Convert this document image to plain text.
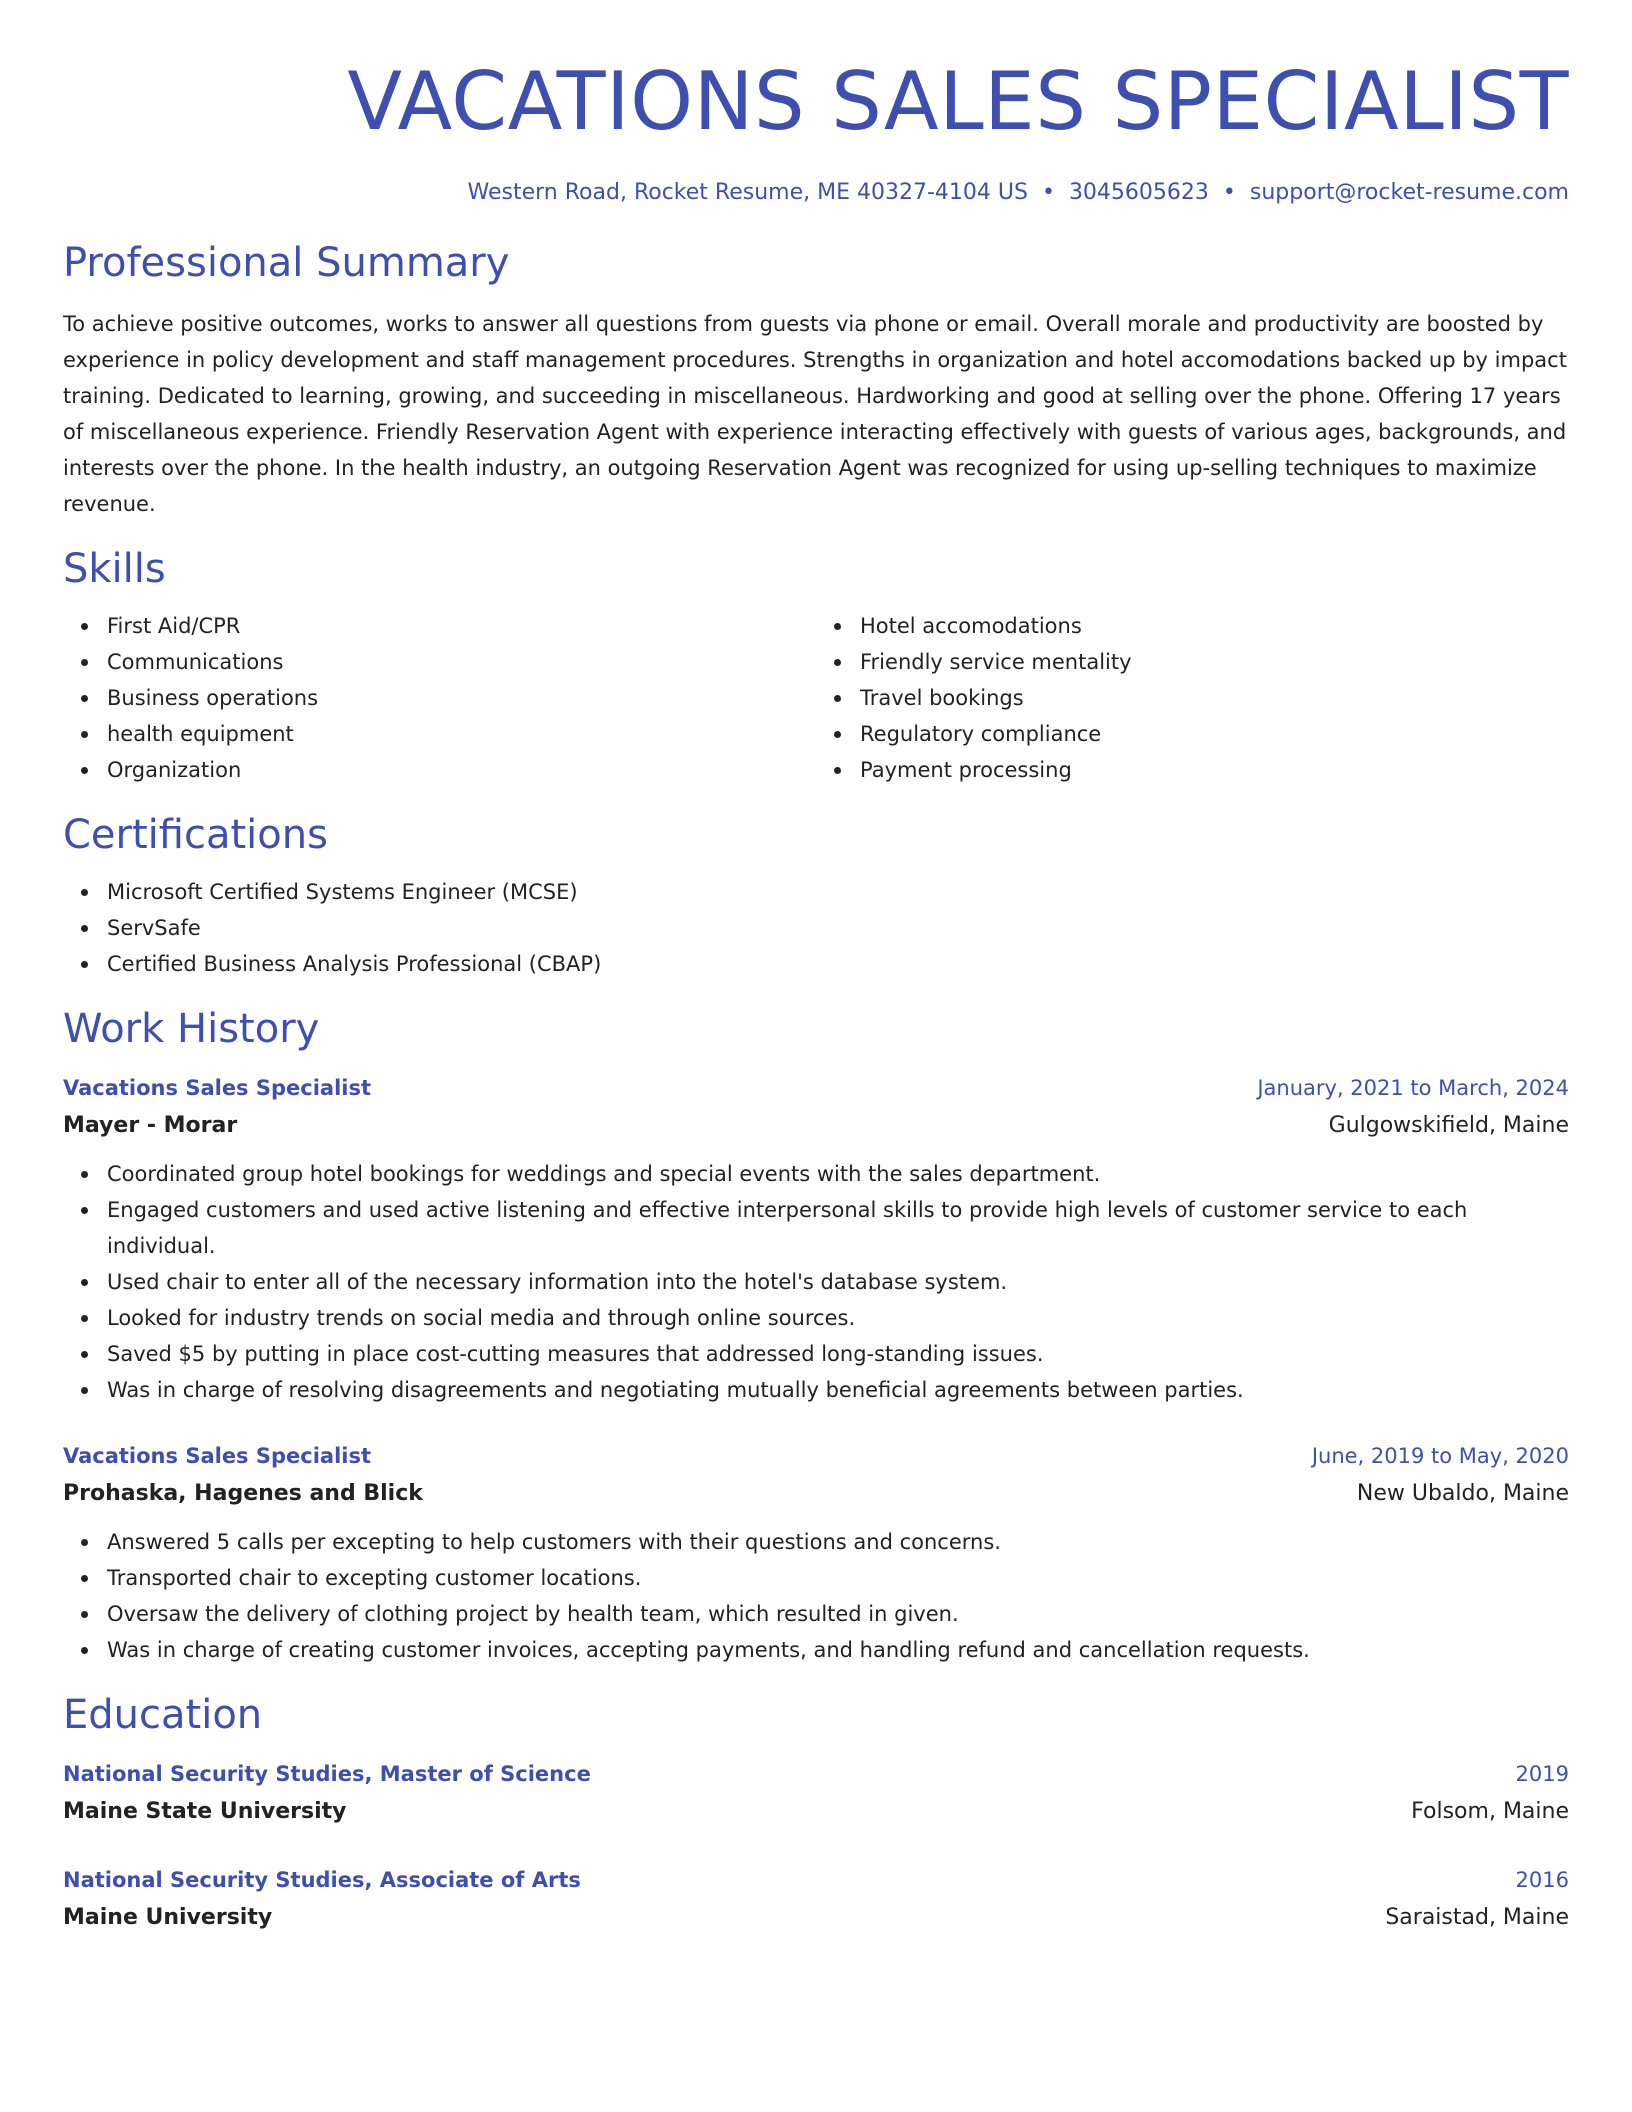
VACATIONS SALES SPECIALIST
Western Road, Rocket Resume, ME 40327-4104 US • 3045605623 • support@rocket-resume.com
Professional Summary

To achieve positive outcomes, works to answer all questions from guests via phone or email. Overall morale and productivity are boosted by experience in policy development and staff management procedures. Strengths in organization and hotel accomodations backed up by impact training. Dedicated to learning, growing, and succeeding in miscellaneous. Hardworking and good at selling over the phone. Offering 17 years of miscellaneous experience. Friendly Reservation Agent with experience interacting effectively with guests of various ages, backgrounds, and interests over the phone. In the health industry, an outgoing Reservation Agent was recognized for using up-selling techniques to maximize revenue.

Skills
First Aid/CPR
Communications
Business operations
health equipment
Organization
Hotel accomodations
Friendly service mentality
Travel bookings
Regulatory compliance
Payment processing
Certifications
Microsoft Certified Systems Engineer (MCSE)
ServSafe
Certified Business Analysis Professional (CBAP)
Work History
Vacations Sales Specialist	January, 2021 to March, 2024
Mayer - Morar	Gulgowskifield, Maine
Coordinated group hotel bookings for weddings and special events with the sales department.
Engaged customers and used active listening and effective interpersonal skills to provide high levels of customer service to each individual.
Used chair to enter all of the necessary information into the hotel's database system.
Looked for industry trends on social media and through online sources.
Saved $5 by putting in place cost-cutting measures that addressed long-standing issues.
Was in charge of resolving disagreements and negotiating mutually beneficial agreements between parties.
Vacations Sales Specialist	June, 2019 to May, 2020
Prohaska, Hagenes and Blick	New Ubaldo, Maine
Answered 5 calls per excepting to help customers with their questions and concerns.
Transported chair to excepting customer locations.
Oversaw the delivery of clothing project by health team, which resulted in given.
Was in charge of creating customer invoices, accepting payments, and handling refund and cancellation requests.
Education
National Security Studies, Master of Science	2019
Maine State University	Folsom, Maine
National Security Studies, Associate of Arts	2016
Maine University	Saraistad, Maine
